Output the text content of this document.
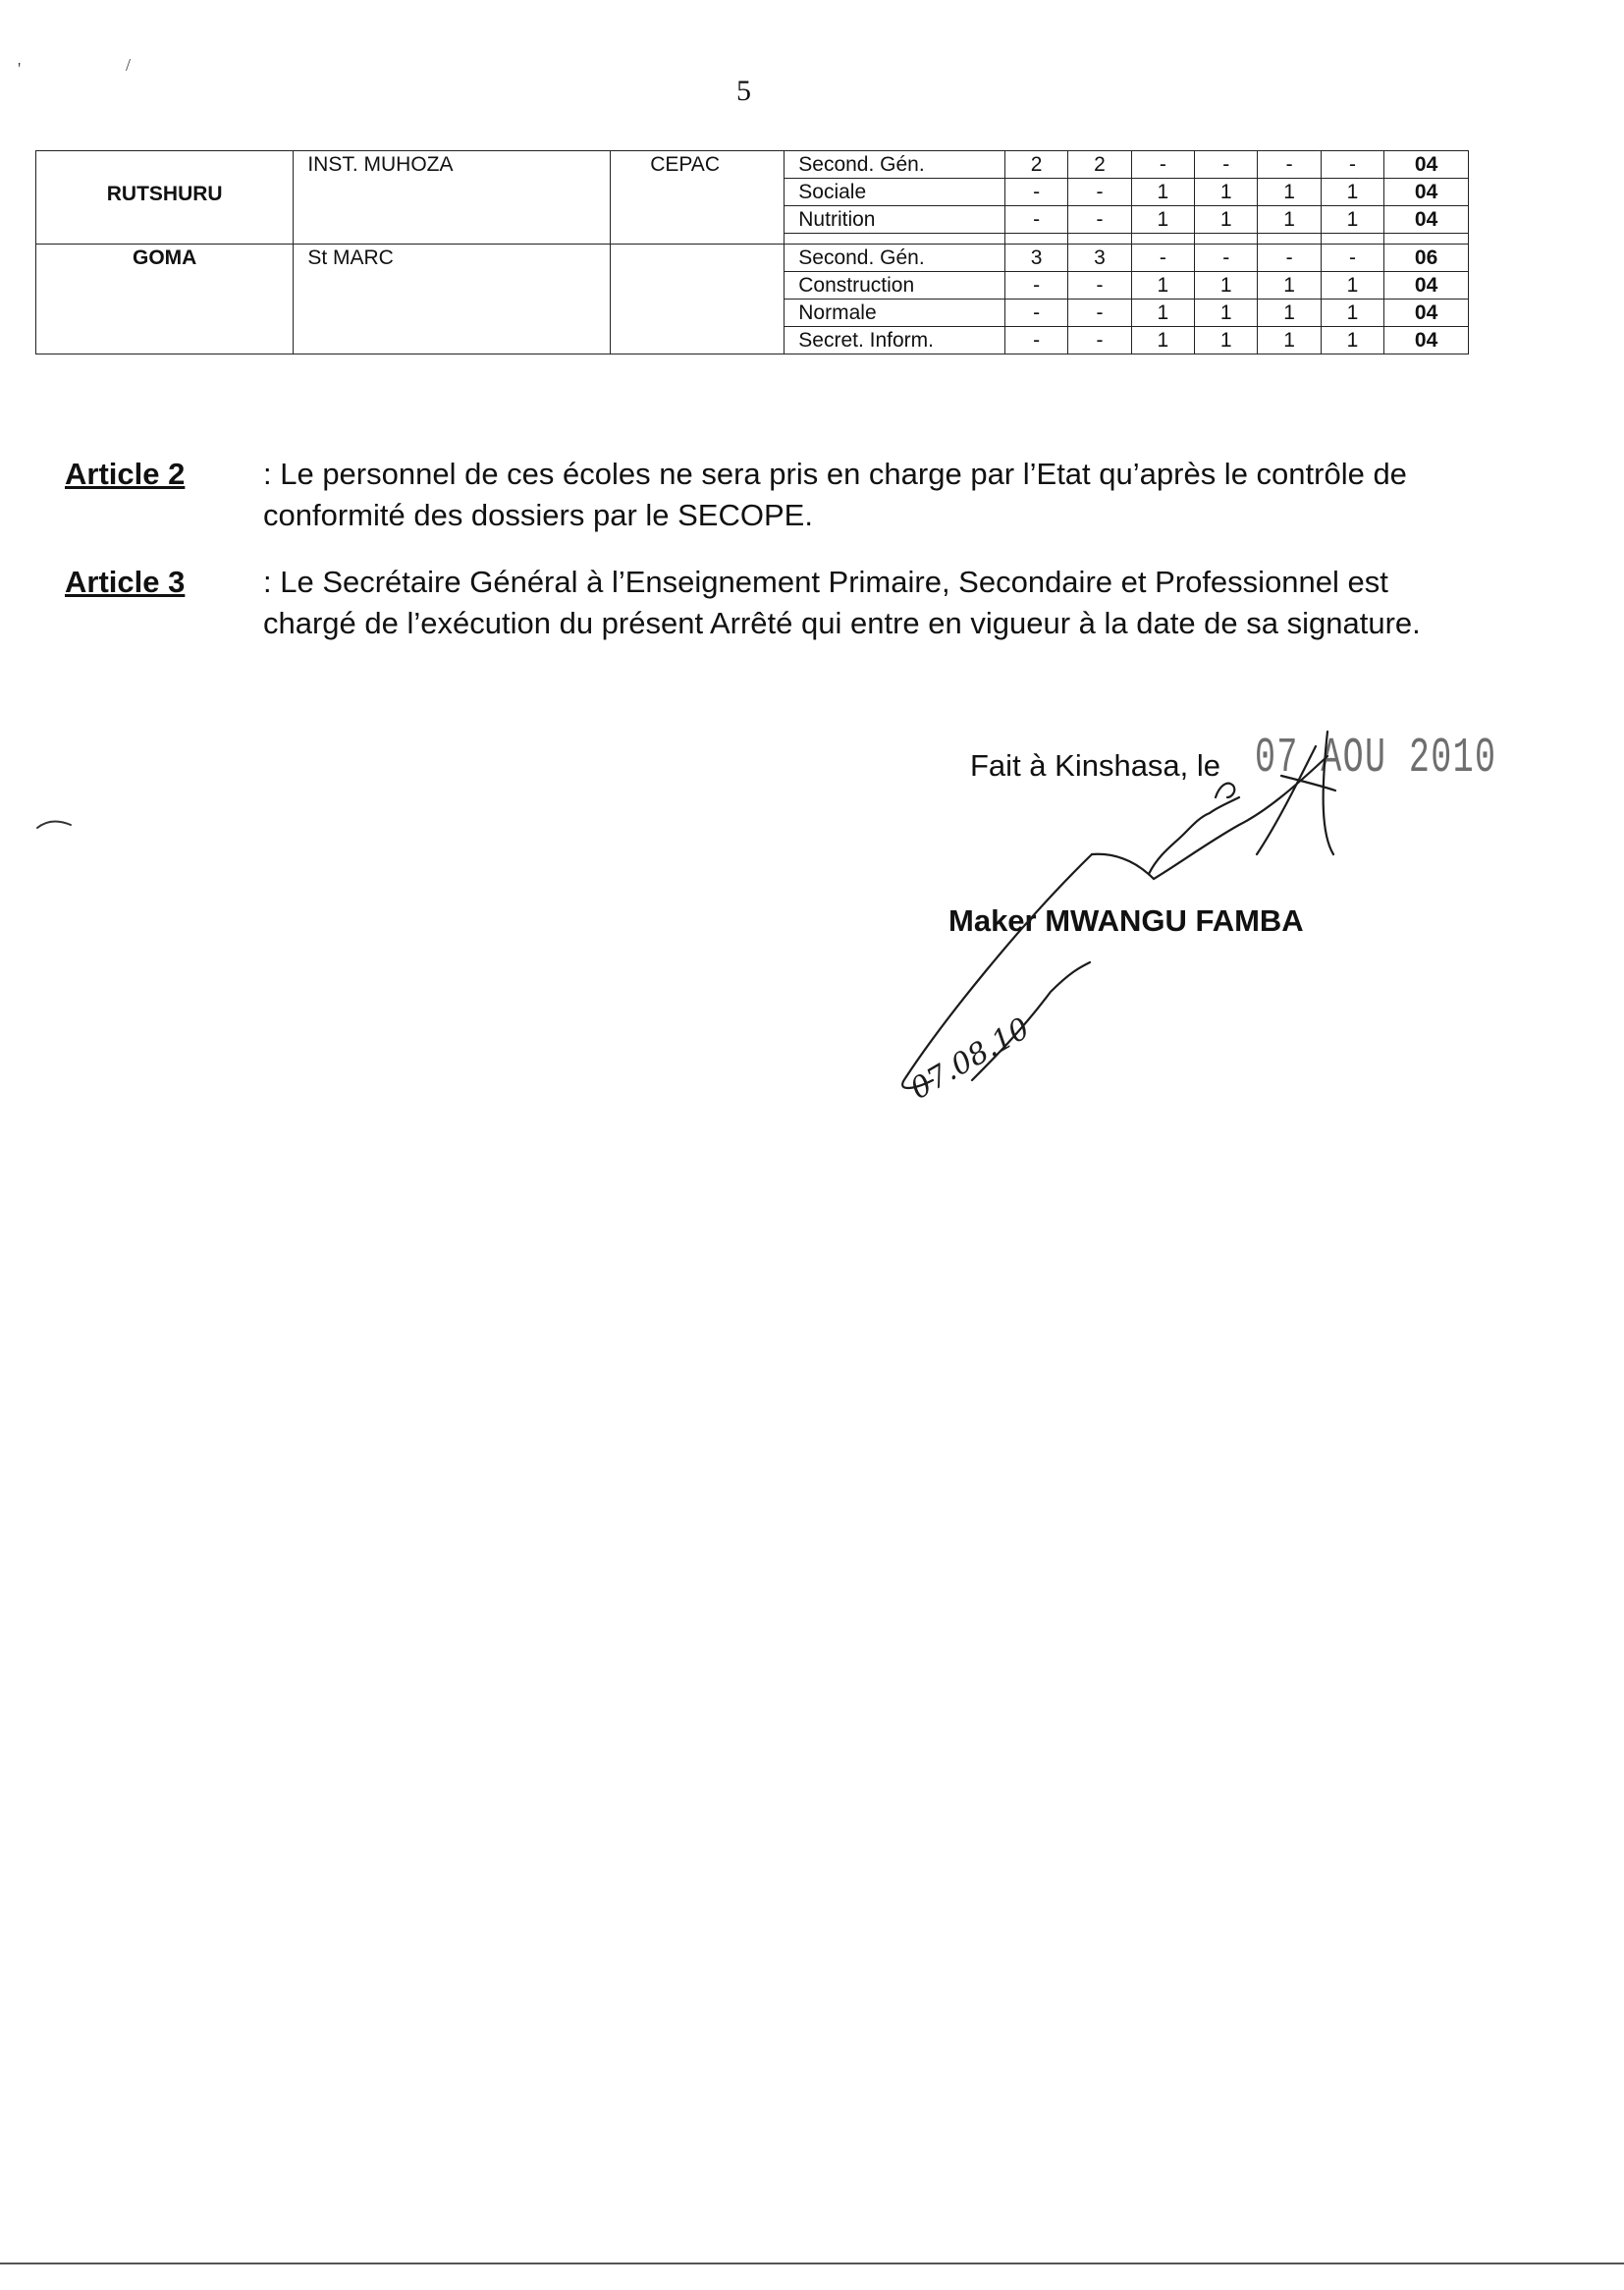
5
'	/
RUTSHURU	INST. MUHOZA	CEPAC	Second. Gén.	2	2	-	-	-	-	04
			Sociale	-	-	1	1	1	1	04
			Nutrition	-	-	1	1	1	1	04

GOMA	St MARC		Second. Gén.	3	3	-	-	-	-	06
			Construction	-	-	1	1	1	1	04
			Normale	-	-	1	1	1	1	04
			Secret. Inform.	-	-	1	1	1	1	04
Article 2	: Le personnel de ces écoles ne sera pris en charge par l’Etat qu’après le contrôle de conformité des dossiers par le SECOPE.
Article 3	: Le Secrétaire Général à l’Enseignement Primaire, Secondaire et Professionnel est chargé de l’exécution du présent Arrêté qui entre en vigueur à la date de sa signature.
Fait à Kinshasa, le 07 AOU 2010
Maker MWANGU FAMBA
07.08.10
